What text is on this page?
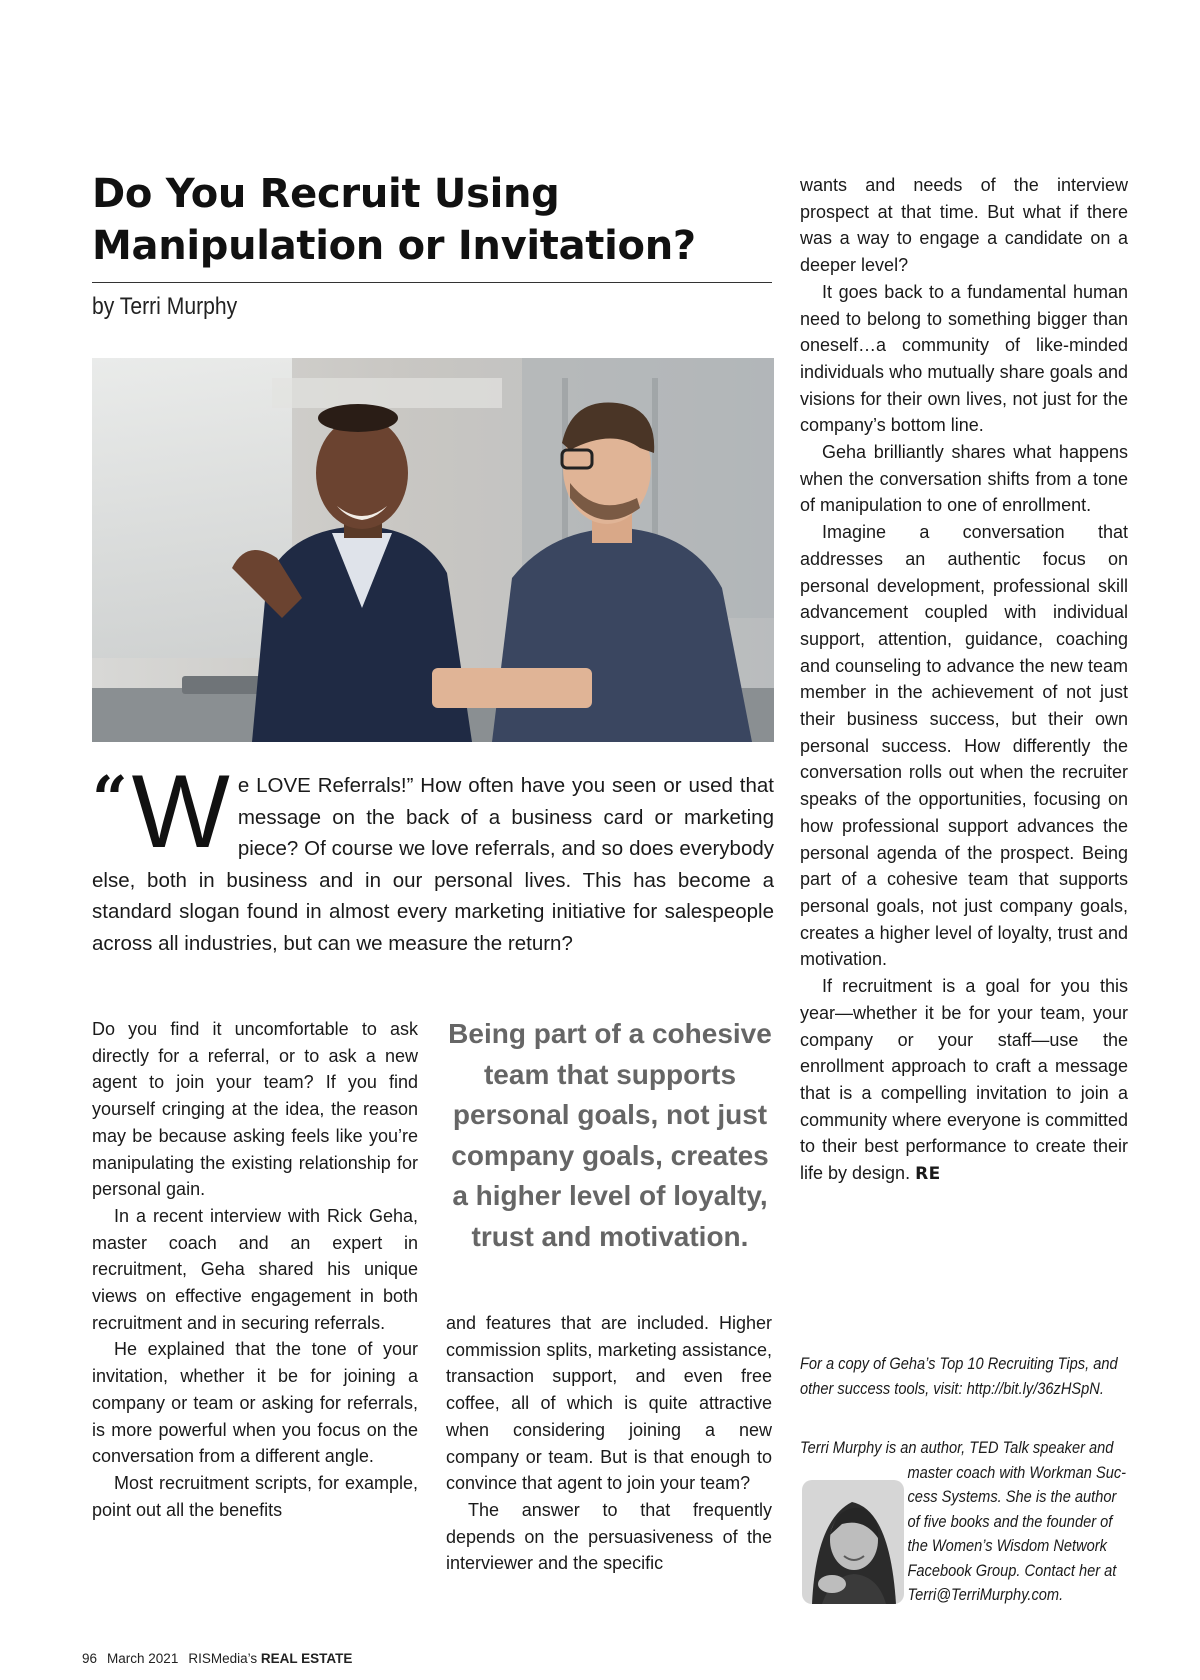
Do You Recruit Using
Manipulation or Invitation?

by Terri Murphy

“ W e LOVE Referrals!” How often have you seen or used that message on the back of a business card or marketing piece? Of course we love referrals, and so does everybody else, both in business and in our personal lives. This has become a standard slogan found in almost every marketing initiative for salespeople across all industries, but can we measure the return?

Do you find it uncomfortable to ask directly for a referral, or to ask a new agent to join your team? If you find yourself cringing at the idea, the reason may be because asking feels like you’re manipulating the existing relationship for personal gain.

In a recent interview with Rick Geha, master coach and an expert in recruitment, Geha shared his unique views on effective engagement in both recruitment and in securing referrals.

He explained that the tone of your invitation, whether it be for joining a company or team or asking for referrals, is more powerful when you focus on the conversation from a different angle.

Most recruitment scripts, for example, point out all the benefits

Being part of a cohesive team that supports personal goals, not just company goals, creates a higher level of loyalty, trust and motivation.

and features that are included. Higher commission splits, marketing assistance, transaction support, and even free coffee, all of which is quite attractive when considering joining a new company or team. But is that enough to convince that agent to join your team?

The answer to that frequently depends on the persuasiveness of the interviewer and the specific

wants and needs of the interview prospect at that time. But what if there was a way to engage a candidate on a deeper level?

It goes back to a fundamental human need to belong to something bigger than oneself…a community of like-minded individuals who mutually share goals and visions for their own lives, not just for the company’s bottom line.

Geha brilliantly shares what happens when the conversation shifts from a tone of manipulation to one of enrollment.

Imagine a conversation that addresses an authentic focus on personal development, professional skill advancement coupled with individual support, attention, guidance, coaching and counseling to advance the new team member in the achievement of not just their business success, but their own personal success. How differently the conversation rolls out when the recruiter speaks of the opportunities, focusing on how professional support advances the personal agenda of the prospect. Being part of a cohesive team that supports personal goals, not just company goals, creates a higher level of loyalty, trust and motivation.

If recruitment is a goal for you this year—whether it be for your team, your company or your staff—use the enrollment approach to craft a message that is a compelling invitation to join a community where everyone is committed to their best performance to create their life by design. RE

For a copy of Geha’s Top 10 Recruiting Tips, and
other success tools, visit: http://bit.ly/36zHSpN.

Terri Murphy is an author, TED Talk speaker and
master coach with Workman Suc-
cess Systems. She is the author
of five books and the founder of
the Women’s Wisdom Network
Facebook Group. Contact her at
Terri@TerriMurphy.com.

96 March 2021 RISMedia’s REAL ESTATE
